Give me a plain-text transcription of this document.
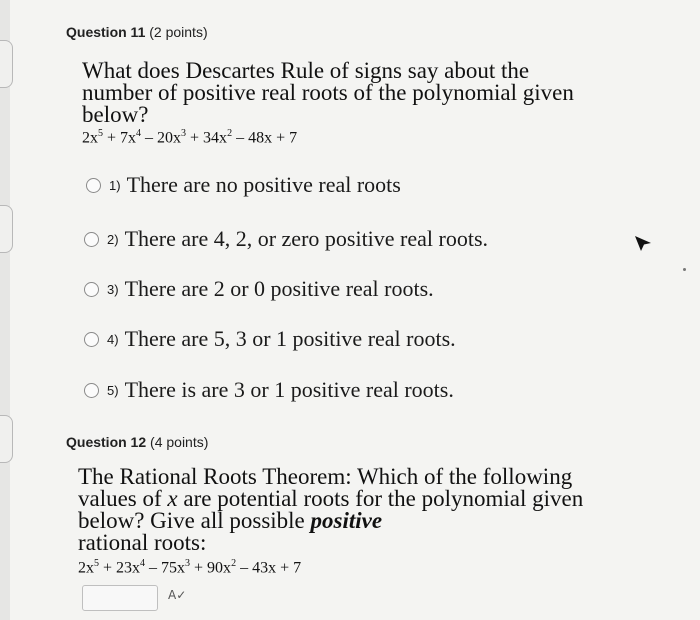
Question 11 (2 points)
What does Descartes Rule of signs say about the number of positive real roots of the polynomial given below?
$2x^5 + 7x^4 - 20x^3 + 34x^2 - 48x + 7$
1) There are no positive real roots
2) There are 4, 2, or zero positive real roots.
3) There are 2 or 0 positive real roots.
4) There are 5, 3 or 1 positive real roots.
5) There is are 3 or 1 positive real roots.
Question 12 (4 points)
The Rational Roots Theorem: Which of the following
values of x are potential roots for the polynomial given
below? Give all possible positive
rational roots:
$2x^5 + 23x^4 - 75x^3 + 90x^2 - 43x + 7$
A✓
